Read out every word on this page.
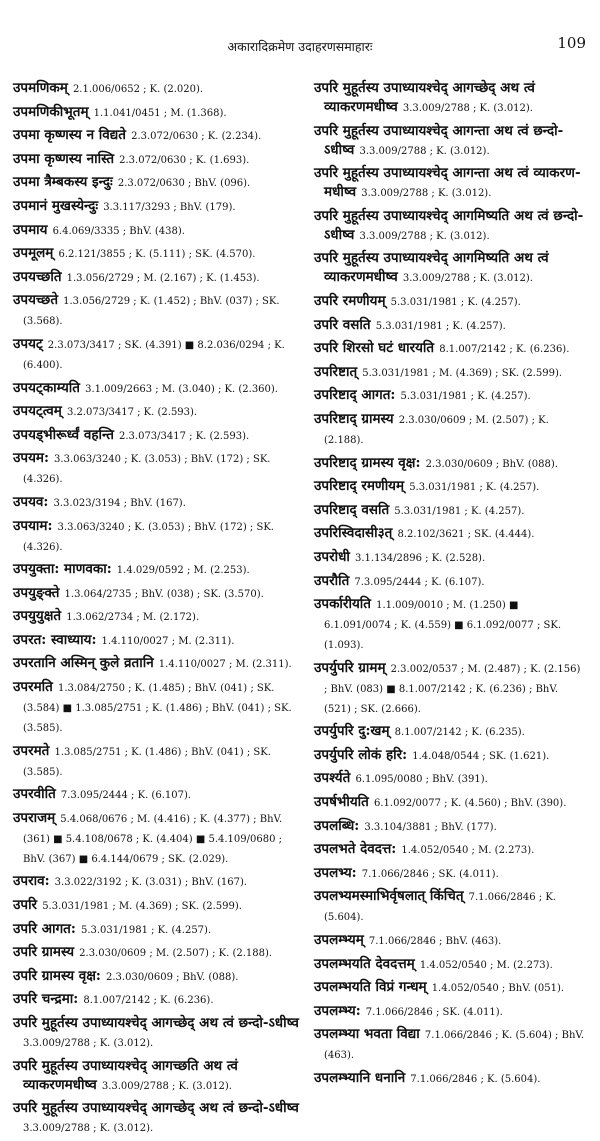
अकारादिक्रमेण उदाहरणसमाहारः	109
उपमणिकम् 2.1.006/0652 ; K. (2.020).
उपमणिकीभूतम् 1.1.041/0451 ; M. (1.368).
उपमा कृष्णस्य न विद्यते 2.3.072/0630 ; K. (2.234).
उपमा कृष्णस्य नास्ति 2.3.072/0630 ; K. (1.693).
उपमा त्रैम्बकस्य इन्दुः 2.3.072/0630 ; BhV. (096).
उपमानं मुखस्येन्दुः 3.3.117/3293 ; BhV. (179).
उपमाय 6.4.069/3335 ; BhV. (438).
उपमूलम् 6.2.121/3855 ; K. (5.111) ; SK. (4.570).
उपयच्छति 1.3.056/2729 ; M. (2.167) ; K. (1.453).
उपयच्छते 1.3.056/2729 ; K. (1.452) ; BhV. (037) ; SK. (3.568).
उपयट् 2.3.073/3417 ; SK. (4.391) ■ 8.2.036/0294 ; K. (6.400).
उपयट्काम्यति 3.1.009/2663 ; M. (3.040) ; K. (2.360).
उपयट्त्वम् 3.2.073/3417 ; K. (2.593).
उपयड्भीरूर्ध्वं वहन्ति 2.3.073/3417 ; K. (2.593).
उपयम: 3.3.063/3240 ; K. (3.053) ; BhV. (172) ; SK. (4.326).
उपयव: 3.3.023/3194 ; BhV. (167).
उपयाम: 3.3.063/3240 ; K. (3.053) ; BhV. (172) ; SK. (4.326).
उपयुक्ता: माणवका: 1.4.029/0592 ; M. (2.253).
उपयुङ्क्ते 1.3.064/2735 ; BhV. (038) ; SK. (3.570).
उपयुयुक्षते 1.3.062/2734 ; M. (2.172).
उपरत: स्वाध्याय: 1.4.110/0027 ; M. (2.311).
उपरतानि अस्मिन् कुले व्रतानि 1.4.110/0027 ; M. (2.311).
उपरमति 1.3.084/2750 ; K. (1.485) ; BhV. (041) ; SK. (3.584) ■ 1.3.085/2751 ; K. (1.486) ; BhV. (041) ; SK. (3.585).
उपरमते 1.3.085/2751 ; K. (1.486) ; BhV. (041) ; SK. (3.585).
उपरवीति 7.3.095/2444 ; K. (6.107).
उपराजम् 5.4.068/0676 ; M. (4.416) ; K. (4.377) ; BhV. (361) ■ 5.4.108/0678 ; K. (4.404) ■ 5.4.109/0680 ; BhV. (367) ■ 6.4.144/0679 ; SK. (2.029).
उपराव: 3.3.022/3192 ; K. (3.031) ; BhV. (167).
उपरि 5.3.031/1981 ; M. (4.369) ; SK. (2.599).
उपरि आगत: 5.3.031/1981 ; K. (4.257).
उपरि ग्रामस्य 2.3.030/0609 ; M. (2.507) ; K. (2.188).
उपरि ग्रामस्य वृक्ष: 2.3.030/0609 ; BhV. (088).
उपरि चन्द्रमा: 8.1.007/2142 ; K. (6.236).
उपरि मुहूर्तस्य उपाध्यायश्चेद् आगच्छेद् अथ त्वं छन्दो-ऽधीष्व 3.3.009/2788 ; K. (3.012).
उपरि मुहूर्तस्य उपाध्यायश्चेद् आगच्छति अथ त्वं व्याकरणमधीष्व 3.3.009/2788 ; K. (3.012).
उपरि मुहूर्तस्य उपाध्यायश्चेद् आगच्छेद् अथ त्वं छन्दो-ऽधीष्व 3.3.009/2788 ; K. (3.012).
उपरि मुहूर्तस्य उपाध्यायश्चेद् आगच्छेद् अथ त्वं व्याकरणमधीष्व 3.3.009/2788 ; K. (3.012).
उपरि मुहूर्तस्य उपाध्यायश्चेद् आगन्ता अथ त्वं छन्दो-ऽधीष्व 3.3.009/2788 ; K. (3.012).
उपरि मुहूर्तस्य उपाध्यायश्चेद् आगन्ता अथ त्वं व्याकरण-मधीष्व 3.3.009/2788 ; K. (3.012).
उपरि मुहूर्तस्य उपाध्यायश्चेद् आगमिष्यति अथ त्वं छन्दो-ऽधीष्व 3.3.009/2788 ; K. (3.012).
उपरि मुहूर्तस्य उपाध्यायश्चेद् आगमिष्यति अथ त्वं व्याकरणमधीष्व 3.3.009/2788 ; K. (3.012).
उपरि रमणीयम् 5.3.031/1981 ; K. (4.257).
उपरि वसति 5.3.031/1981 ; K. (4.257).
उपरि शिरसो घटं धारयति 8.1.007/2142 ; K. (6.236).
उपरिष्टात् 5.3.031/1981 ; M. (4.369) ; SK. (2.599).
उपरिष्टाद् आगत: 5.3.031/1981 ; K. (4.257).
उपरिष्टाद् ग्रामस्य 2.3.030/0609 ; M. (2.507) ; K. (2.188).
उपरिष्टाद् ग्रामस्य वृक्ष: 2.3.030/0609 ; BhV. (088).
उपरिष्टाद् रमणीयम् 5.3.031/1981 ; K. (4.257).
उपरिष्टाद् वसति 5.3.031/1981 ; K. (4.257).
उपरिस्विदासी३त् 8.2.102/3621 ; SK. (4.444).
उपरोधी 3.1.134/2896 ; K. (2.528).
उपरौति 7.3.095/2444 ; K. (6.107).
उपर्कारीयति 1.1.009/0010 ; M. (1.250) ■ 6.1.091/0074 ; K. (4.559) ■ 6.1.092/0077 ; SK. (1.093).
उपर्युपरि ग्रामम् 2.3.002/0537 ; M. (2.487) ; K. (2.156) ; BhV. (083) ■ 8.1.007/2142 ; K. (6.236) ; BhV. (521) ; SK. (2.666).
उपर्युपरि दु:खम् 8.1.007/2142 ; K. (6.235).
उपर्युपरि लोकं हरि: 1.4.048/0544 ; SK. (1.621).
उपर्श्यते 6.1.095/0080 ; BhV. (391).
उपर्षभीयति 6.1.092/0077 ; K. (4.560) ; BhV. (390).
उपलब्धि: 3.3.104/3881 ; BhV. (177).
उपलभते देवदत्त: 1.4.052/0540 ; M. (2.273).
उपलभ्य: 7.1.066/2846 ; SK. (4.011).
उपलभ्यमस्माभिर्वृषलात् किंचित् 7.1.066/2846 ; K. (5.604).
उपलम्भ्यम् 7.1.066/2846 ; BhV. (463).
उपलम्भयति देवदत्तम् 1.4.052/0540 ; M. (2.273).
उपलम्भयति विप्रं गन्धम् 1.4.052/0540 ; BhV. (051).
उपलम्भ्य: 7.1.066/2846 ; SK. (4.011).
उपलम्भ्या भवता विद्या 7.1.066/2846 ; K. (5.604) ; BhV. (463).
उपलम्भ्यानि धनानि 7.1.066/2846 ; K. (5.604).
